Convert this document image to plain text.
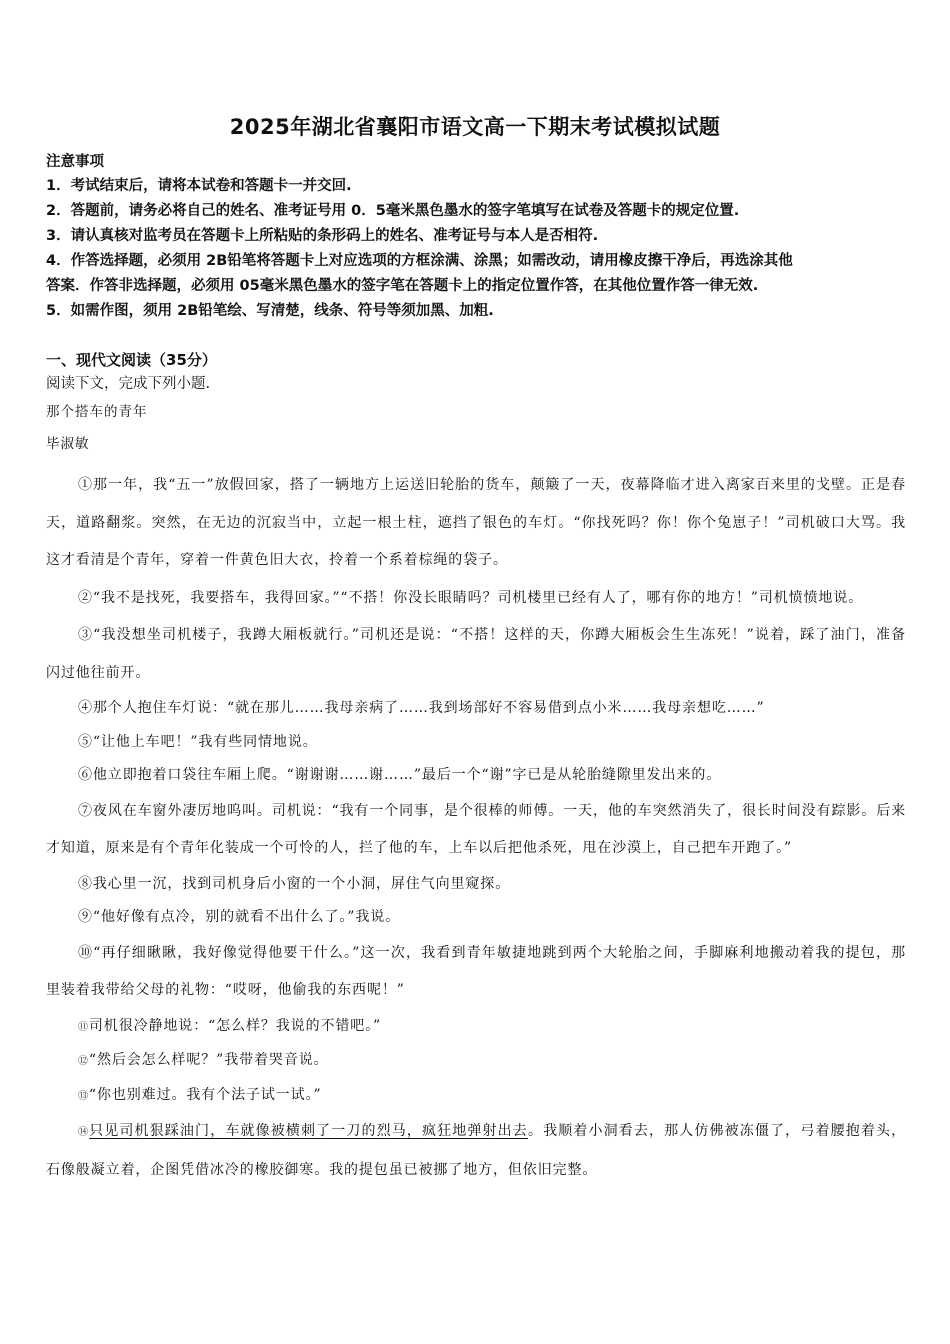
2025年湖北省襄阳市语文高一下期末考试模拟试题
注意事项
1．考试结束后，请将本试卷和答题卡一并交回.
2．答题前，请务必将自己的姓名、准考证号用 0．5毫米黑色墨水的签字笔填写在试卷及答题卡的规定位置.
3．请认真核对监考员在答题卡上所粘贴的条形码上的姓名、准考证号与本人是否相符.
4．作答选择题，必须用 2B铅笔将答题卡上对应选项的方框涂满、涂黑；如需改动，请用橡皮擦干净后，再选涂其他
答案．作答非选择题，必须用 05毫米黑色墨水的签字笔在答题卡上的指定位置作答，在其他位置作答一律无效.
5．如需作图，须用 2B铅笔绘、写清楚，线条、符号等须加黑、加粗.
一、现代文阅读（35分）
阅读下文，完成下列小题.
那个搭车的青年
毕淑敏

①那一年，我“五一”放假回家，搭了一辆地方上运送旧轮胎的货车，颠簸了一天，夜幕降临才进入离家百来里的戈壁。正是春天，道路翻浆。突然，在无边的沉寂当中，立起一根土柱，遮挡了银色的车灯。“你找死吗？你！你个兔崽子！”司机破口大骂。我这才看清是个青年，穿着一件黄色旧大衣，拎着一个系着棕绳的袋子。

②“我不是找死，我要搭车，我得回家。”“不搭！你没长眼睛吗？司机楼里已经有人了，哪有你的地方！”司机愤愤地说。

③“我没想坐司机楼子，我蹲大厢板就行。”司机还是说：“不搭！这样的天，你蹲大厢板会生生冻死！”说着，踩了油门，准备闪过他往前开。

④那个人抱住车灯说：“就在那儿……我母亲病了……我到场部好不容易借到点小米……我母亲想吃……”

⑤“让他上车吧！”我有些同情地说。

⑥他立即抱着口袋往车厢上爬。“谢谢谢……谢……”最后一个“谢”字已是从轮胎缝隙里发出来的。

⑦夜风在车窗外凄厉地呜叫。司机说：“我有一个同事，是个很棒的师傅。一天，他的车突然消失了，很长时间没有踪影。后来才知道，原来是有个青年化装成一个可怜的人，拦了他的车，上车以后把他杀死，甩在沙漠上，自己把车开跑了。”

⑧我心里一沉，找到司机身后小窗的一个小洞，屏住气向里窥探。

⑨“他好像有点冷，别的就看不出什么了。”我说。

⑩“再仔细瞅瞅，我好像觉得他要干什么。”这一次，我看到青年敏捷地跳到两个大轮胎之间，手脚麻利地搬动着我的提包，那里装着我带给父母的礼物：“哎呀，他偷我的东西呢！”

⑪司机很冷静地说：“怎么样？我说的不错吧。”

⑫“然后会怎么样呢？”我带着哭音说。

⑬“你也别难过。我有个法子试一试。”

⑭只见司机狠踩油门，车就像被横刺了一刀的烈马，疯狂地弹射出去。我顺着小洞看去，那人仿佛被冻僵了，弓着腰抱着头，石像般凝立着，企图凭借冰冷的橡胶御寒。我的提包虽已被挪了地方，但依旧完整。
